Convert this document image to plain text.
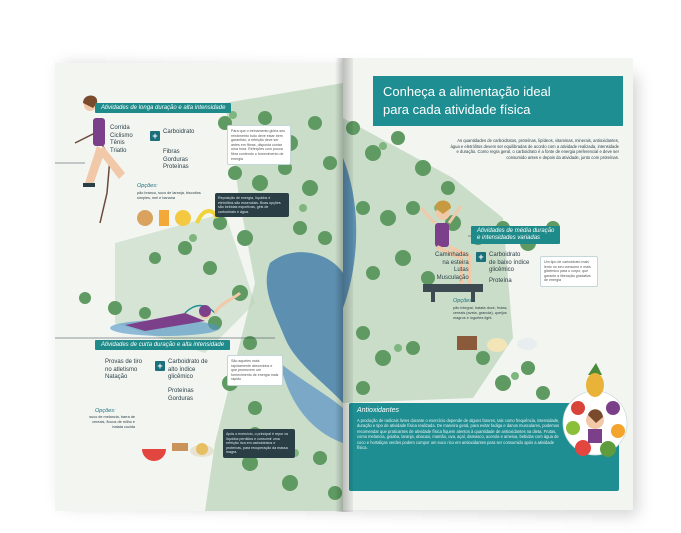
Atividades de longa duração e alta intensidade
Corrida
Ciclismo
Tênis
Triatlo
+ Carboidrato
Fibras
Gorduras
Proteínas
Para que o treinamento glória seu rendimento tudo deve estar bem garantido; a refeição deve ser antes em fibras, disposta contar uma hora. Refeições com pouca fibra contendo o fornecimento de energia
Opções:
pão branco, suco de laranja, biscoitos simples, mel e banana	Reposição de energia, líquidos e eletrólitos são essenciais. Boas opções são bebidas esportivas, géis de carboidrato e água.
Atividades de curta duração e alta intensidade
Provas de tiro
no atletismo
Natação
+ Carboidrato de
alto índice
glicêmico
Proteínas
Gorduras
São aqueles mais rapidamente absorvidos e que promovem um fornecimento de energia mais rápido
Opções:
suco de melancia, barra de cereais, flocos de milho e batata cozida
Após o exercício, o principal é repor os líquidos perdidos e consumir uma refeição rica em carboidratos e proteínas, para recuperação da massa magra.
Conheça a alimentação ideal
para cada atividade física
As quantidades de carboidratos, proteínas, lipídeos, vitaminas, minerais, antioxidantes, água e eletrólitos devem ser equilibradas de acordo com a atividade realizada, intensidade e duração. Como regra geral, o carboidrato é a fonte de energia preferencial e deve ser consumido antes e depois da atividade, junto com proteínas.
Atividades de média duração
e intensidades variadas
Caminhadas
na esteira
Lutas
Musculação
+ Carboidrato
de baixo índice
glicêmico
Proteína
Um tipo de carboidrato mais lento no seu consumo e mais glicêmico para o corpo, que garante a liberação gradativa de energia
Opções:
pão integral, batata doce, frutas, cereais (aveia, granola), queijos magros e iogurtes light.
Antioxidantes
A produção de radicais livres durante o exercício depende de alguns fatores, tais como frequência, intensidade, duração e tipo de atividade física realizada. De maneira geral, para evitar fadiga e danos musculares, podemos recomendar que praticantes de atividade física fiquem atentos à quantidade de antioxidantes na dieta. Frutas, como melancia, goiaba, laranja, abacaxi, mamão, uva, açaí, damasco, acerola e ameixa, bebidas com água de coco e hortaliças verdes podem compor um suco rico em antioxidantes para ser consumido após a atividade física.
